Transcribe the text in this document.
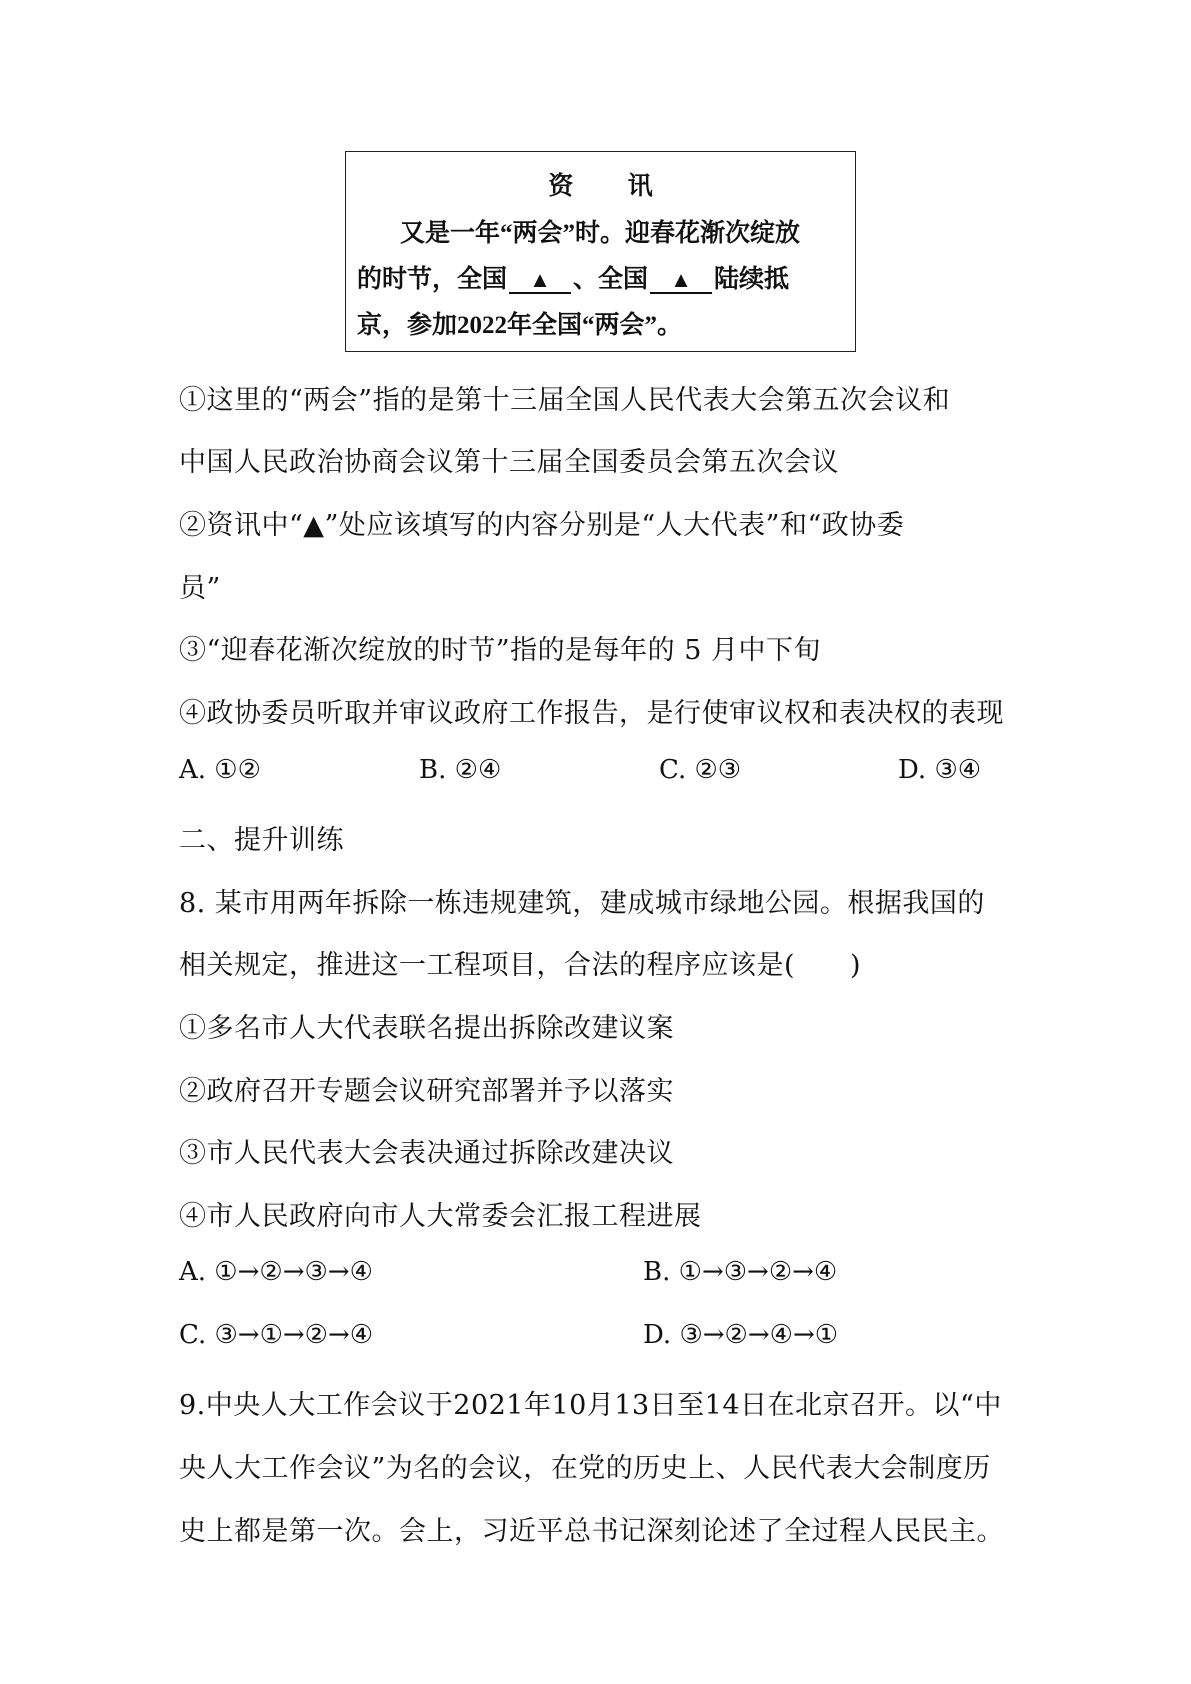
资 讯
又是一年“两会”时。迎春花渐次绽放
的时节，全国 ▲ 、全国 ▲ 陆续抵
京，参加2022年全国“两会”。
①这里的“两会”指的是第十三届全国人民代表大会第五次会议和
中国人民政治协商会议第十三届全国委员会第五次会议
②资讯中“▲”处应该填写的内容分别是“人大代表”和“政协委
员”
③“迎春花渐次绽放的时节”指的是每年的 5 月中下旬
④政协委员听取并审议政府工作报告，是行使审议权和表决权的表现
A. ①②	B. ②④	C. ②③	D. ③④
二、提升训练
8. 某市用两年拆除一栋违规建筑，建成城市绿地公园。根据我国的
相关规定，推进这一工程项目，合法的程序应该是(　　)
①多名市人大代表联名提出拆除改建议案
②政府召开专题会议研究部署并予以落实
③市人民代表大会表决通过拆除改建决议
④市人民政府向市人大常委会汇报工程进展
A. ①→②→③→④	B. ①→③→②→④
C. ③→①→②→④	D. ③→②→④→①
9.中央人大工作会议于2021年10月13日至14日在北京召开。以“中
央人大工作会议”为名的会议，在党的历史上、人民代表大会制度历
史上都是第一次。会上，习近平总书记深刻论述了全过程人民民主。
